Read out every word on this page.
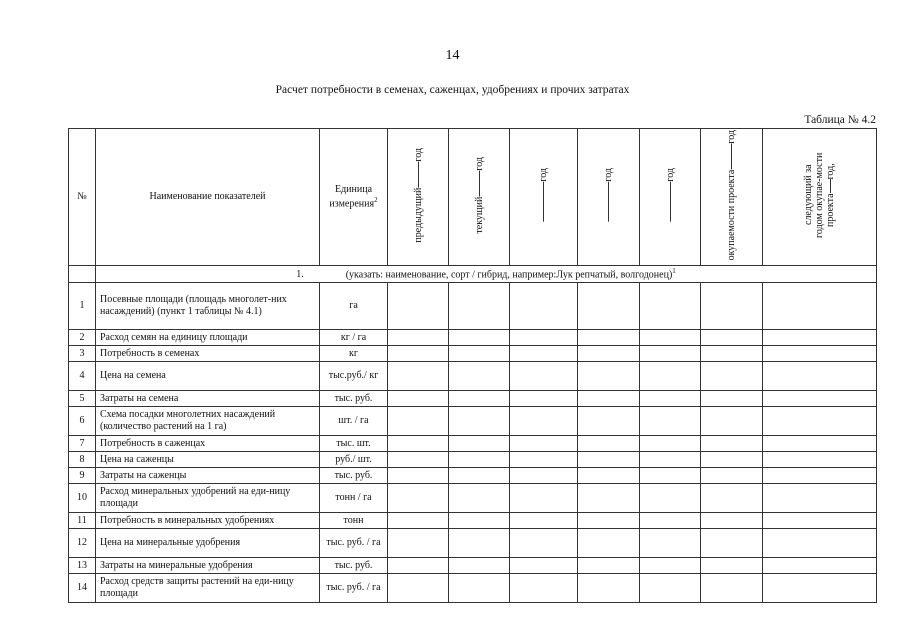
14
Расчет потребности в семенах, саженцах, удобрениях и прочих затратах
Таблица № 4.2
№	Наименование показателей	Единица измерения$^2$	предыдущийгод	текущийгод	год	год	год	окупаемости проектагод	следующий за годом окупае-мости проектагод,
	1. (указать: наименование, сорт / гибрид, например:Лук репчатый, волгодонец)$^1$
1	Посевные площади (площадь многолет-них насаждений) (пункт 1 таблицы № 4.1)	га							
2	Расход семян на единицу площади	кг / га							
3	Потребность в семенах	кг							
4	Цена на семена	тыс.руб./ кг							
5	Затраты на семена	тыс. руб.							
6	Схема посадки многолетних насаждений (количество растений на 1 га)	шт. / га							
7	Потребность в саженцах	тыс. шт.							
8	Цена на саженцы	руб./ шт.							
9	Затраты на саженцы	тыс. руб.							
10	Расход минеральных удобрений на еди-ницу площади	тонн / га							
11	Потребность в минеральных удобрениях	тонн							
12	Цена на минеральные удобрения	тыс. руб. / га							
13	Затраты на минеральные удобрения	тыс. руб.							
14	Расход средств защиты растений на еди-ницу площади	тыс. руб. / га							
